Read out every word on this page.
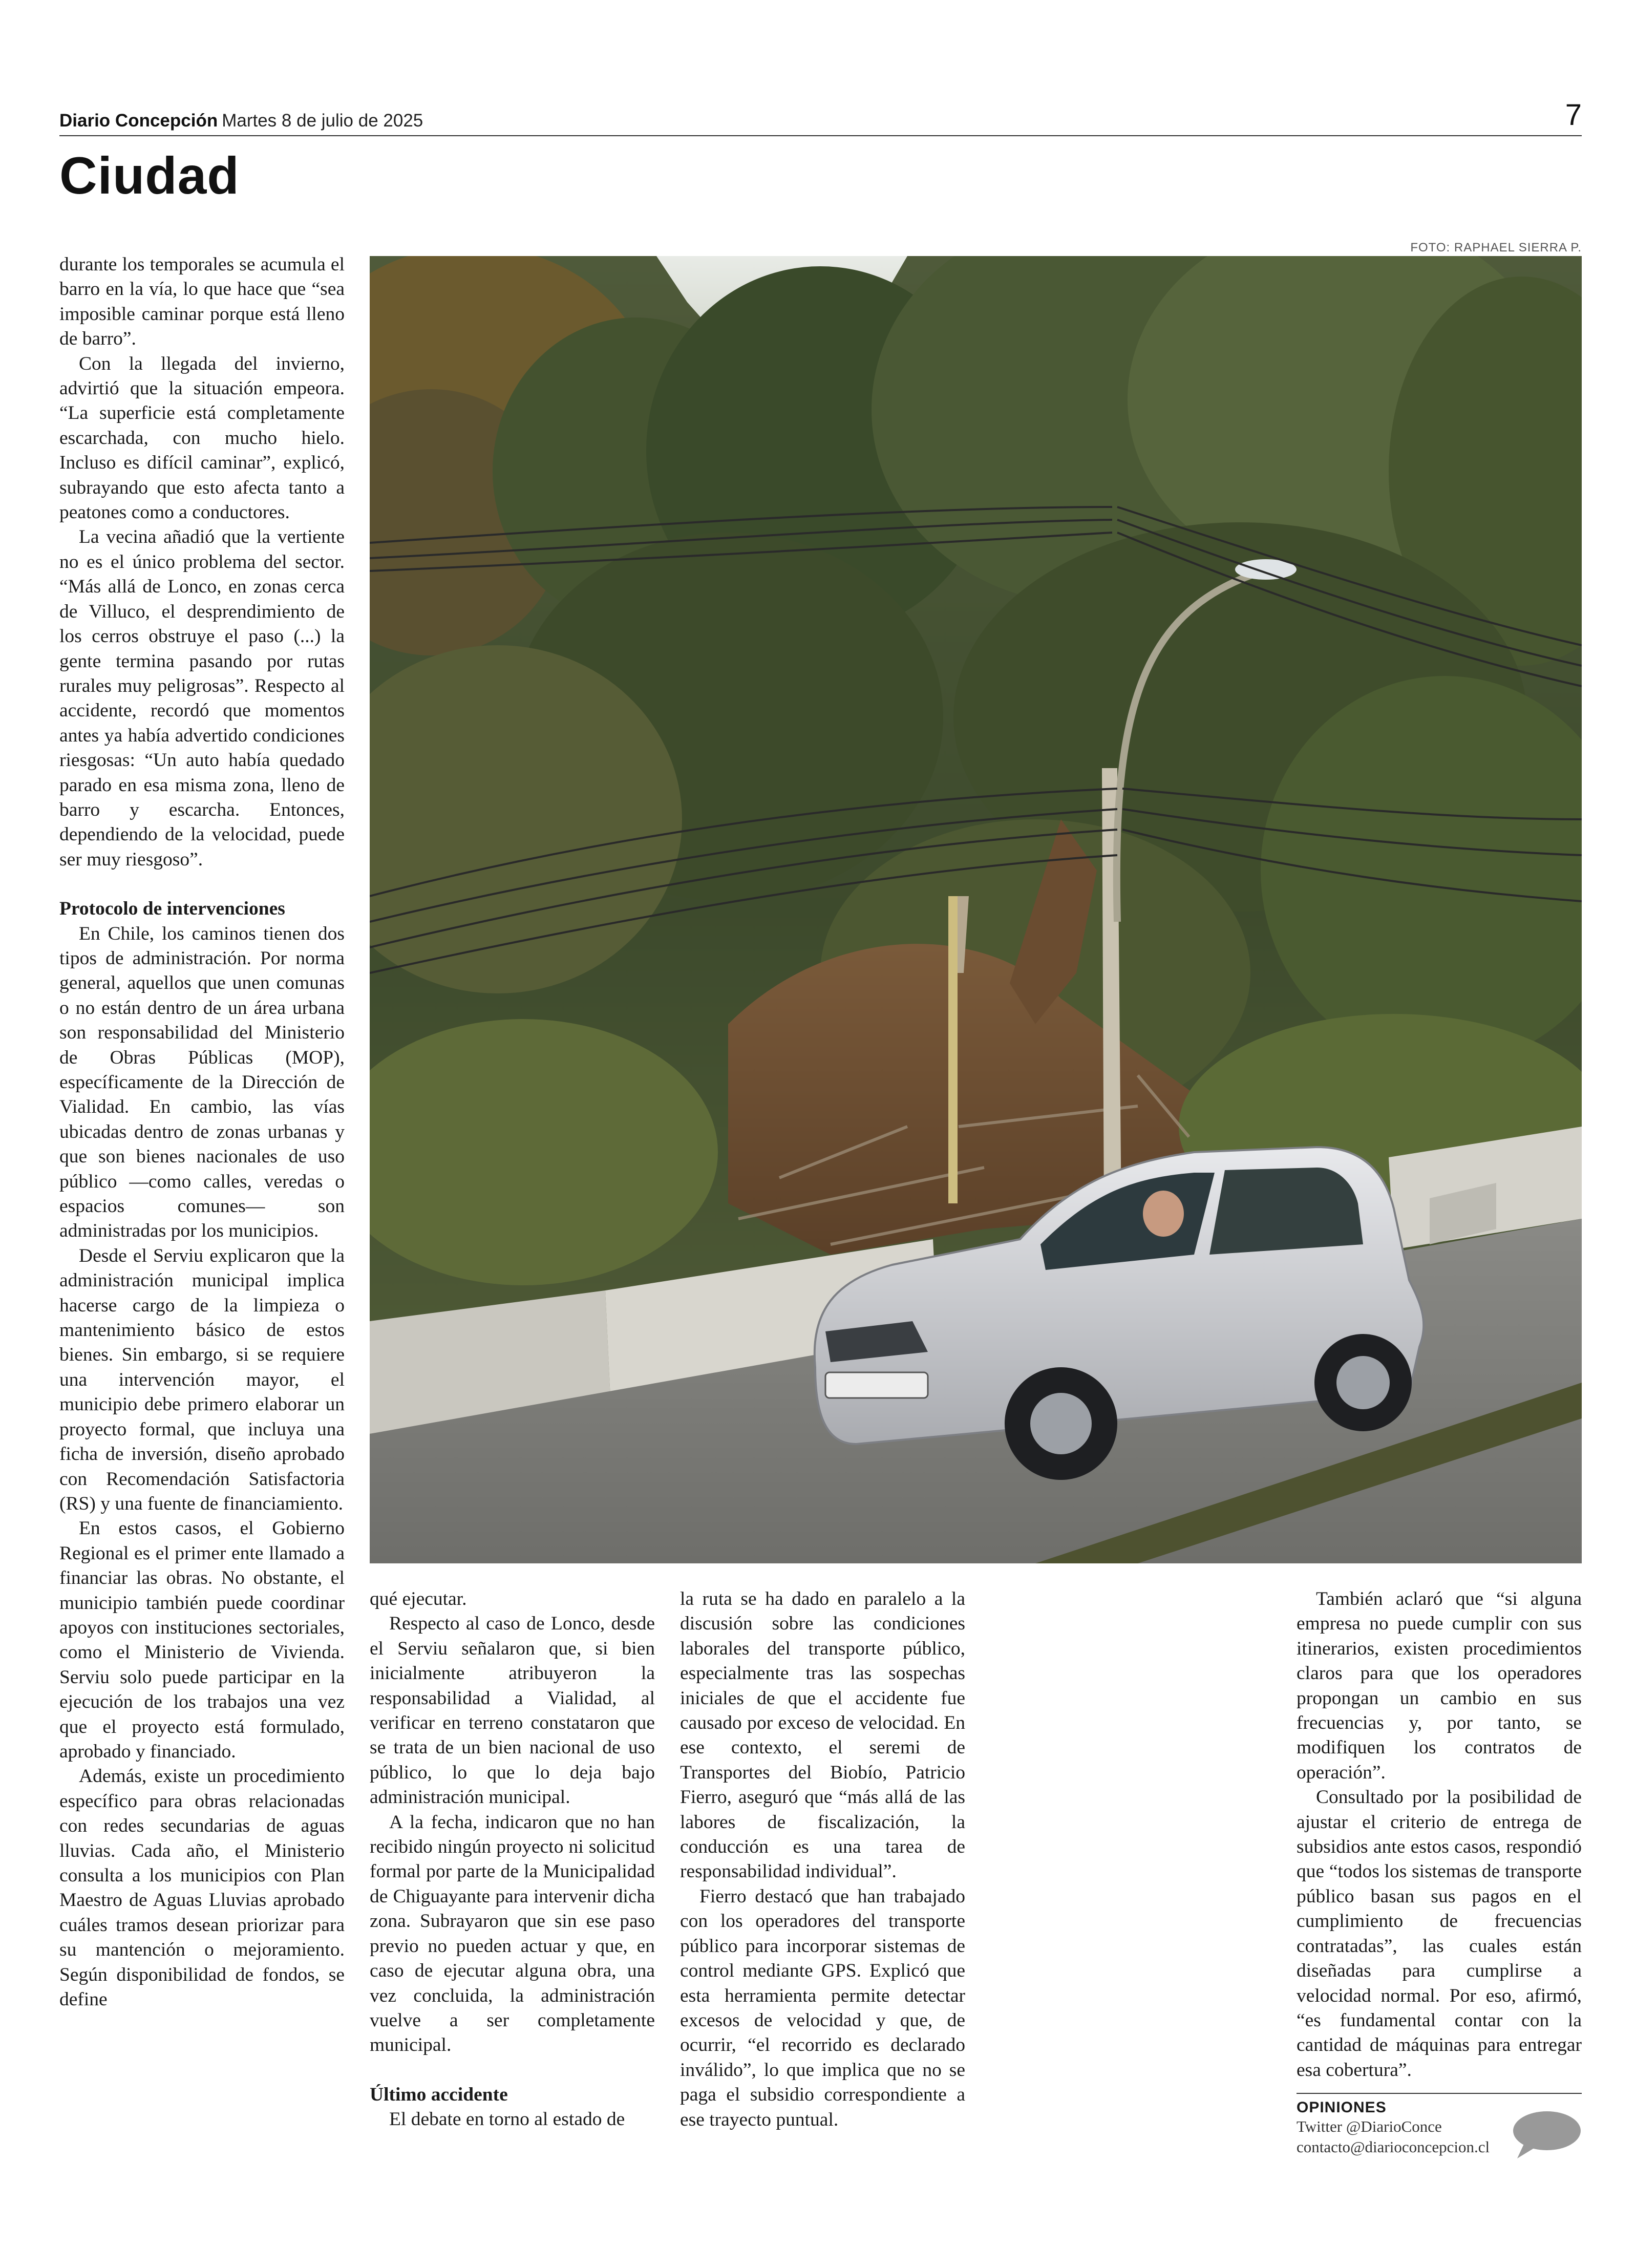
Diario Concepción Martes 8 de julio de 2025	7
Ciudad
FOTO: RAPHAEL SIERRA P.

durante los temporales se acumula el barro en la vía, lo que hace que “sea imposible caminar porque está lleno de barro”.

Con la llegada del invierno, advirtió que la situación empeora. “La superficie está completamente escarchada, con mucho hielo. Incluso es difícil caminar”, explicó, subrayando que esto afecta tanto a peatones como a conductores.

La vecina añadió que la vertiente no es el único problema del sector. “Más allá de Lonco, en zonas cerca de Villuco, el desprendimiento de los cerros obstruye el paso (...) la gente termina pasando por rutas rurales muy peligrosas”. Respecto al accidente, recordó que momentos antes ya había advertido condiciones riesgosas: “Un auto había quedado parado en esa misma zona, lleno de barro y escarcha. Entonces, dependiendo de la velocidad, puede ser muy riesgoso”.

Protocolo de intervenciones

En Chile, los caminos tienen dos tipos de administración. Por norma general, aquellos que unen comunas o no están dentro de un área urbana son responsabilidad del Ministerio de Obras Públicas (MOP), específicamente de la Dirección de Vialidad. En cambio, las vías ubicadas dentro de zonas urbanas y que son bienes nacionales de uso público —como calles, veredas o espacios comunes— son administradas por los municipios.

Desde el Serviu explicaron que la administración municipal implica hacerse cargo de la limpieza o mantenimiento básico de estos bienes. Sin embargo, si se requiere una intervención mayor, el municipio debe primero elaborar un proyecto formal, que incluya una ficha de inversión, diseño aprobado con Recomendación Satisfactoria (RS) y una fuente de financiamiento.

En estos casos, el Gobierno Regional es el primer ente llamado a financiar las obras. No obstante, el municipio también puede coordinar apoyos con instituciones sectoriales, como el Ministerio de Vivienda. Serviu solo puede participar en la ejecución de los trabajos una vez que el proyecto está formulado, aprobado y financiado.

Además, existe un procedimiento específico para obras relacionadas con redes secundarias de aguas lluvias. Cada año, el Ministerio consulta a los municipios con Plan Maestro de Aguas Lluvias aprobado cuáles tramos desean priorizar para su mantención o mejoramiento. Según disponibilidad de fondos, se define

qué ejecutar.

Respecto al caso de Lonco, desde el Serviu señalaron que, si bien inicialmente atribuyeron la responsabilidad a Vialidad, al verificar en terreno constataron que se trata de un bien nacional de uso público, lo que lo deja bajo administración municipal.

A la fecha, indicaron que no han recibido ningún proyecto ni solicitud formal por parte de la Municipalidad de Chiguayante para intervenir dicha zona. Subrayaron que sin ese paso previo no pueden actuar y que, en caso de ejecutar alguna obra, una vez concluida, la administración vuelve a ser completamente municipal.

Último accidente

El debate en torno al estado de

la ruta se ha dado en paralelo a la discusión sobre las condiciones laborales del transporte público, especialmente tras las sospechas iniciales de que el accidente fue causado por exceso de velocidad. En ese contexto, el seremi de Transportes del Biobío, Patricio Fierro, aseguró que “más allá de las labores de fiscalización, la conducción es una tarea de responsabilidad individual”.

Fierro destacó que han trabajado con los operadores del transporte público para incorporar sistemas de control mediante GPS. Explicó que esta herramienta permite detectar excesos de velocidad y que, de ocurrir, “el recorrido es declarado inválido”, lo que implica que no se paga el subsidio correspondiente a ese trayecto puntual.

También aclaró que “si alguna empresa no puede cumplir con sus itinerarios, existen procedimientos claros para que los operadores propongan un cambio en sus frecuencias y, por tanto, se modifiquen los contratos de operación”.

Consultado por la posibilidad de ajustar el criterio de entrega de subsidios ante estos casos, respondió que “todos los sistemas de transporte público basan sus pagos en el cumplimiento de frecuencias contratadas”, las cuales están diseñadas para cumplirse a velocidad normal. Por eso, afirmó, “es fundamental contar con la cantidad de máquinas para entregar esa cobertura”.

OPINIONES
Twitter @DiarioConce
contacto@diarioconcepcion.cl
